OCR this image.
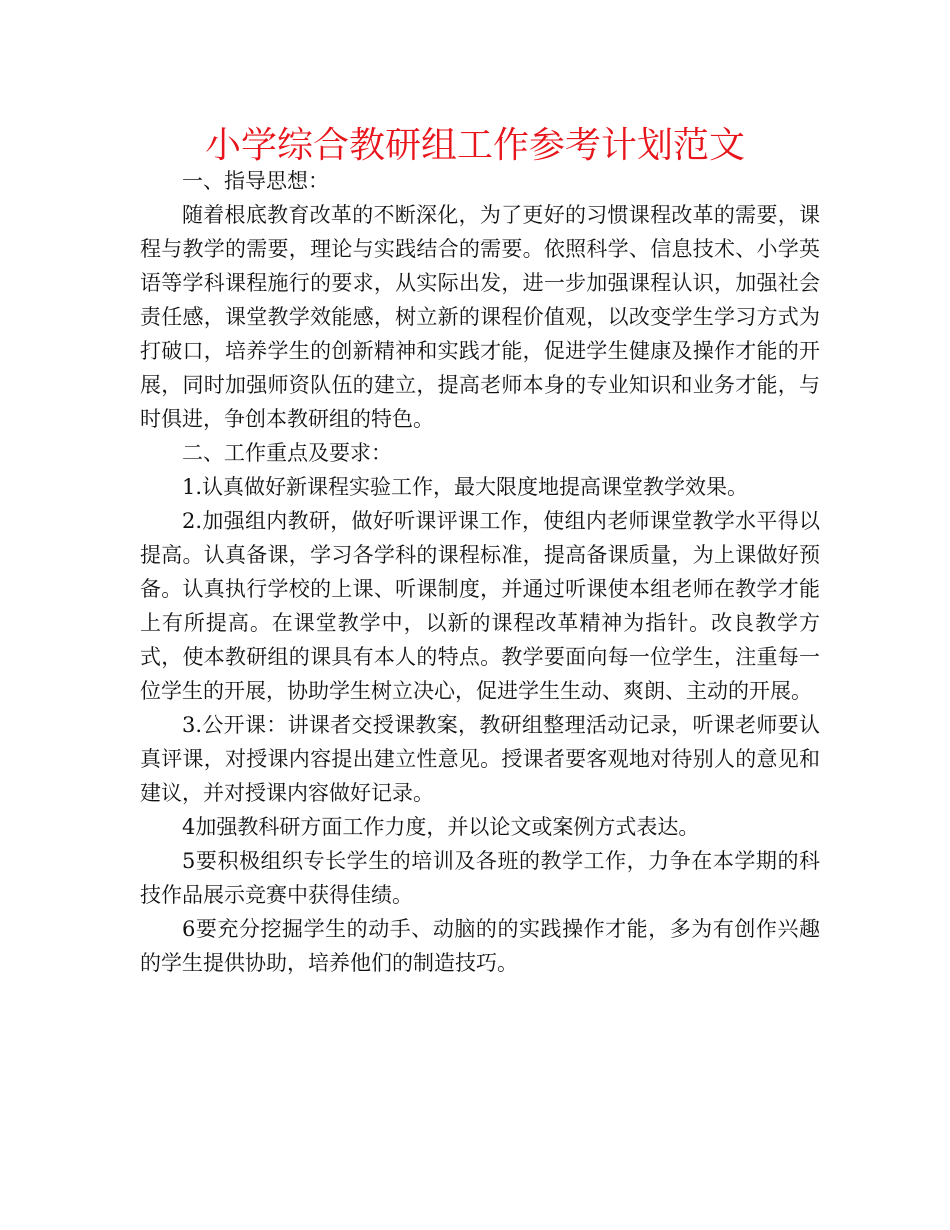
小学综合教研组工作参考计划范文

一、指导思想：

随着根底教育改革的不断深化，为了更好的习惯课程改革的需要，课程与教学的需要，理论与实践结合的需要。依照科学、信息技术、小学英语等学科课程施行的要求，从实际出发，进一步加强课程认识，加强社会责任感，课堂教学效能感，树立新的课程价值观，以改变学生学习方式为打破口，培养学生的创新精神和实践才能，促进学生健康及操作才能的开展，同时加强师资队伍的建立，提高老师本身的专业知识和业务才能，与时俱进，争创本教研组的特色。

二、工作重点及要求：

1.认真做好新课程实验工作，最大限度地提高课堂教学效果。

2.加强组内教研，做好听课评课工作，使组内老师课堂教学水平得以提高。认真备课，学习各学科的课程标准，提高备课质量，为上课做好预备。认真执行学校的上课、听课制度，并通过听课使本组老师在教学才能上有所提高。在课堂教学中，以新的课程改革精神为指针。改良教学方式，使本教研组的课具有本人的特点。教学要面向每一位学生，注重每一位学生的开展，协助学生树立决心，促进学生生动、爽朗、主动的开展。

3.公开课：讲课者交授课教案，教研组整理活动记录，听课老师要认真评课，对授课内容提出建立性意见。授课者要客观地对待别人的意见和建议，并对授课内容做好记录。

4加强教科研方面工作力度，并以论文或案例方式表达。

5要积极组织专长学生的培训及各班的教学工作，力争在本学期的科技作品展示竞赛中获得佳绩。

6要充分挖掘学生的动手、动脑的的实践操作才能，多为有创作兴趣的学生提供协助，培养他们的制造技巧。
